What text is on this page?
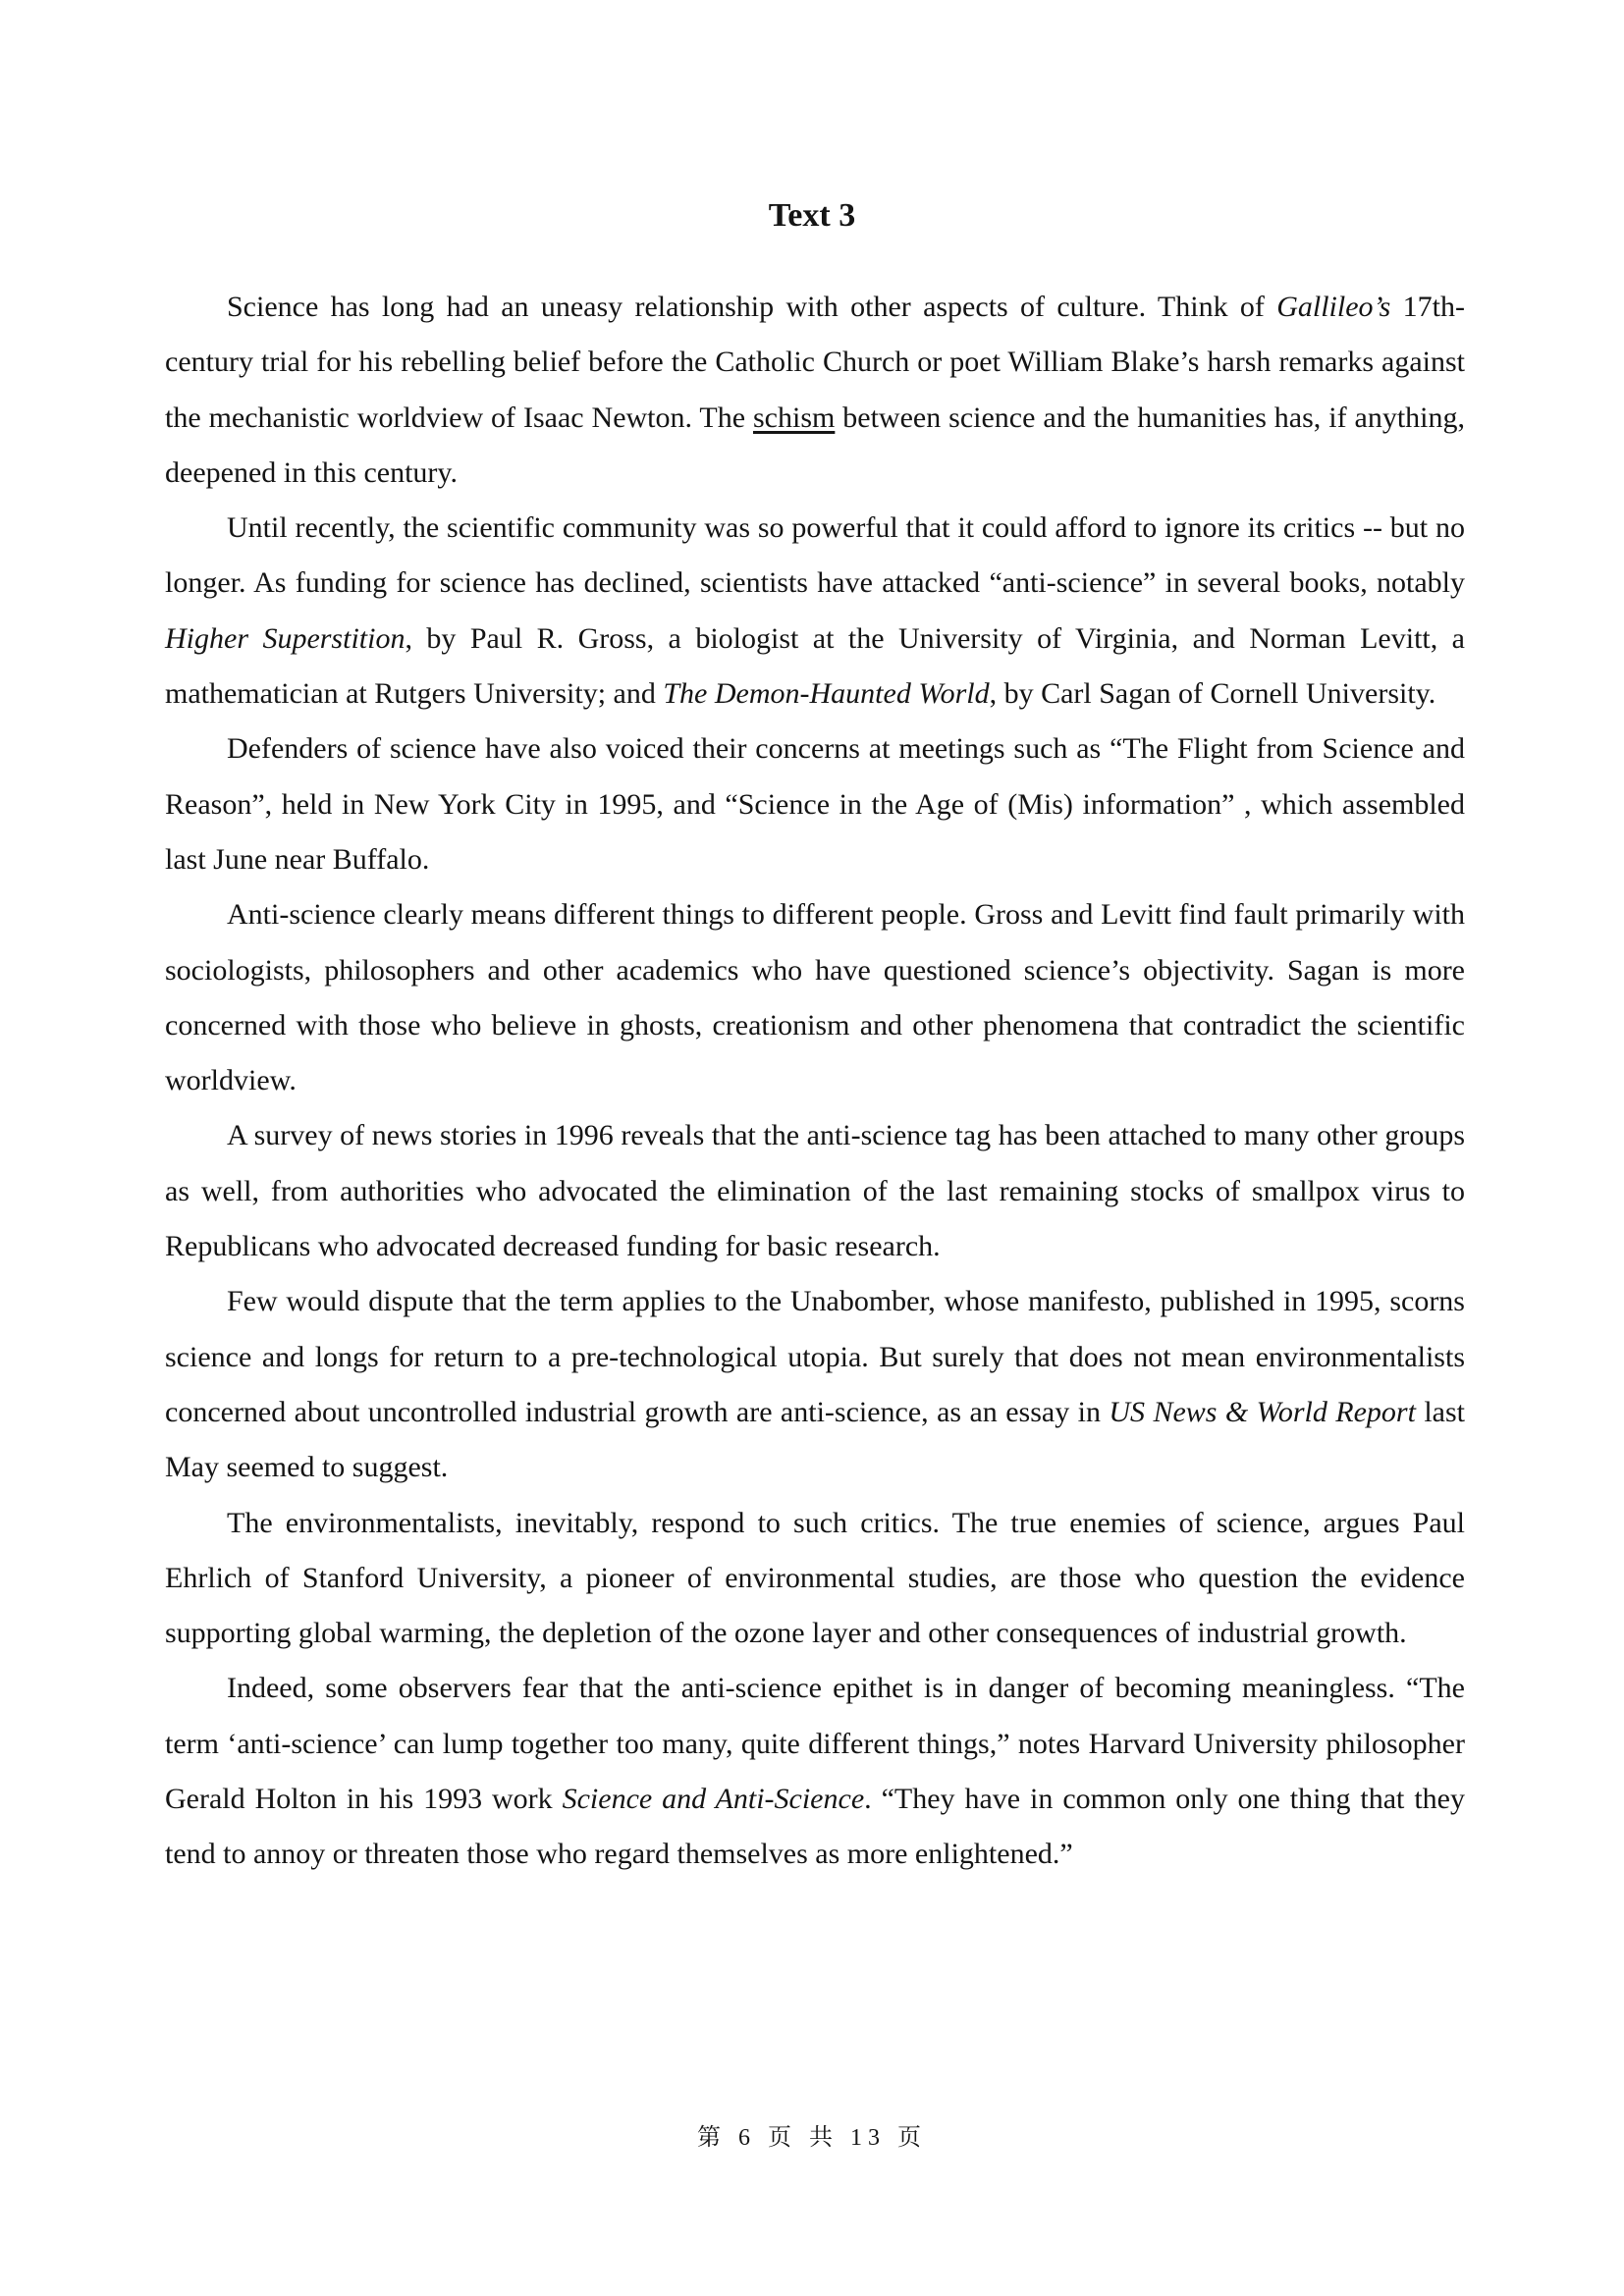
Text 3

Science has long had an uneasy relationship with other aspects of culture. Think of Gallileo’s 17th-century trial for his rebelling belief before the Catholic Church or poet William Blake’s harsh remarks against the mechanistic worldview of Isaac Newton. The schism between science and the humanities has, if anything, deepened in this century.

Until recently, the scientific community was so powerful that it could afford to ignore its critics -- but no longer. As funding for science has declined, scientists have attacked “anti-science” in several books, notably Higher Superstition, by Paul R. Gross, a biologist at the University of Virginia, and Norman Levitt, a mathematician at Rutgers University; and The Demon-Haunted World, by Carl Sagan of Cornell University.

Defenders of science have also voiced their concerns at meetings such as “The Flight from Science and Reason”, held in New York City in 1995, and “Science in the Age of (Mis) information” , which assembled last June near Buffalo.

Anti-science clearly means different things to different people. Gross and Levitt find fault primarily with sociologists, philosophers and other academics who have questioned science’s objectivity. Sagan is more concerned with those who believe in ghosts, creationism and other phenomena that contradict the scientific worldview.

A survey of news stories in 1996 reveals that the anti-science tag has been attached to many other groups as well, from authorities who advocated the elimination of the last remaining stocks of smallpox virus to Republicans who advocated decreased funding for basic research.

Few would dispute that the term applies to the Unabomber, whose manifesto, published in 1995, scorns science and longs for return to a pre-technological utopia. But surely that does not mean environmentalists concerned about uncontrolled industrial growth are anti-science, as an essay in US News & World Report last May seemed to suggest.

The environmentalists, inevitably, respond to such critics. The true enemies of science, argues Paul Ehrlich of Stanford University, a pioneer of environmental studies, are those who question the evidence supporting global warming, the depletion of the ozone layer and other consequences of industrial growth.

Indeed, some observers fear that the anti-science epithet is in danger of becoming meaningless. “The term ‘anti-science’ can lump together too many, quite different things,” notes Harvard University philosopher Gerald Holton in his 1993 work Science and Anti-Science. “They have in common only one thing that they tend to annoy or threaten those who regard themselves as more enlightened.”

第 6 页 共 13 页
